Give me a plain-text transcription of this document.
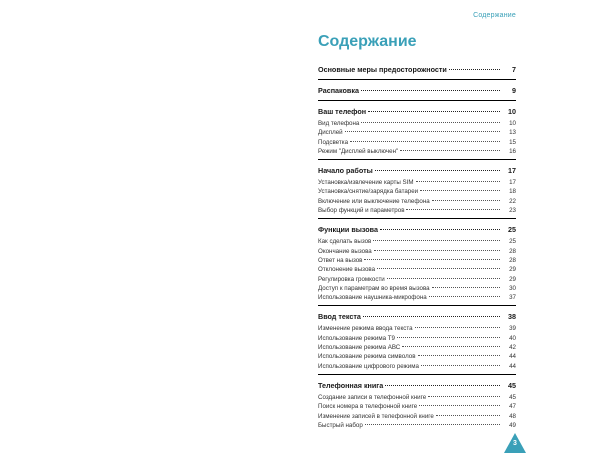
Содержание
Содержание
Основные меры предосторожности	7
Распаковка	9
Ваш телефон	10
Вид телефона	10
Дисплей	13
Подсветка	15
Режим "Дисплей выключен"	16
Начало работы	17
Установка/извлечение карты SIM	17
Установка/снятие/зарядка батареи	18
Включение или выключение телефона	22
Выбор функций и параметров	23
Функции вызова	25
Как сделать вызов	25
Окончание вызова	28
Ответ на вызов	28
Отклонение вызова	29
Регулировка громкости	29
Доступ к параметрам во время вызова	30
Использование наушника-микрофона	37
Ввод текста	38
Изменение режима ввода текста	39
Использование режима Т9	40
Использование режима АВС	42
Использование режима символов	44
Использование цифрового режима	44
Телефонная книга	45
Создание записи в телефонной книге	45
Поиск номера в телефонной книге	47
Изменение записей в телефонной книге	48
Быстрый набор	49
3
